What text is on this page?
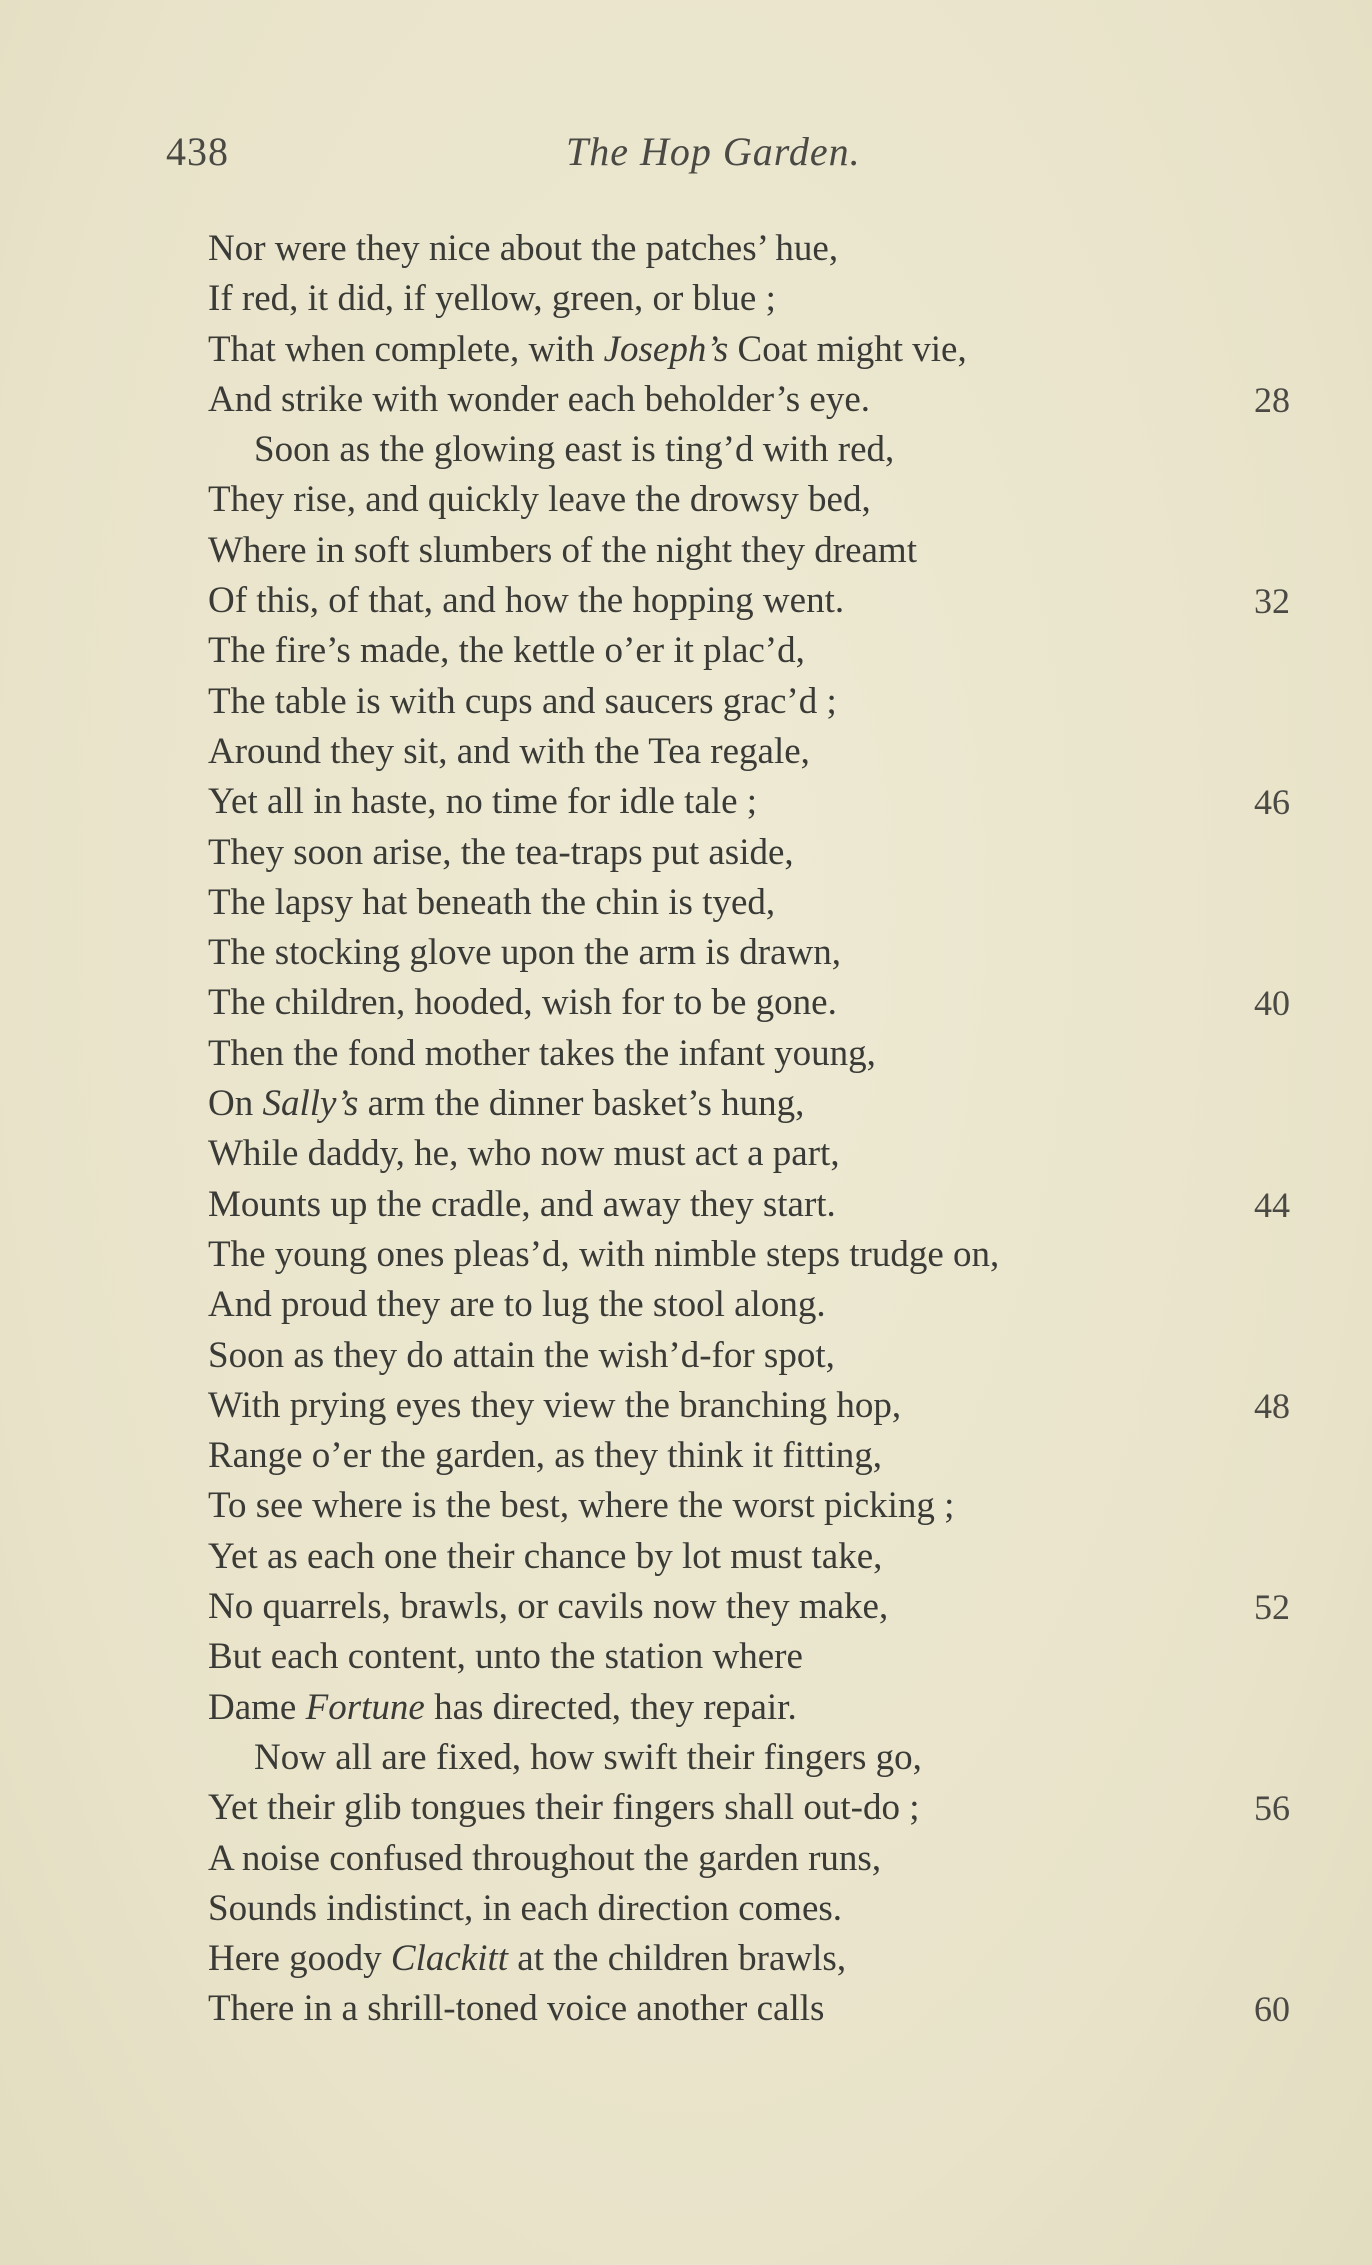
438	The Hop Garden.
Nor were they nice about the patches’ hue,
If red, it did, if yellow, green, or blue ;
That when complete, with Joseph’s Coat might vie,
And strike with wonder each beholder’s eye.	28
Soon as the glowing east is ting’d with red,
They rise, and quickly leave the drowsy bed,
Where in soft slumbers of the night they dreamt
Of this, of that, and how the hopping went.	32
The fire’s made, the kettle o’er it plac’d,
The table is with cups and saucers grac’d ;
Around they sit, and with the Tea regale,
Yet all in haste, no time for idle tale ;	46
They soon arise, the tea-traps put aside,
The lapsy hat beneath the chin is tyed,
The stocking glove upon the arm is drawn,
The children, hooded, wish for to be gone.	40
Then the fond mother takes the infant young,
On Sally’s arm the dinner basket’s hung,
While daddy, he, who now must act a part,
Mounts up the cradle, and away they start.	44
The young ones pleas’d, with nimble steps trudge on,
And proud they are to lug the stool along.
Soon as they do attain the wish’d-for spot,
With prying eyes they view the branching hop,	48
Range o’er the garden, as they think it fitting,
To see where is the best, where the worst picking ;
Yet as each one their chance by lot must take,
No quarrels, brawls, or cavils now they make,	52
But each content, unto the station where
Dame Fortune has directed, they repair.
Now all are fixed, how swift their fingers go,
Yet their glib tongues their fingers shall out-do ;	56
A noise confused throughout the garden runs,
Sounds indistinct, in each direction comes.
Here goody Clackitt at the children brawls,
There in a shrill-toned voice another calls	60
